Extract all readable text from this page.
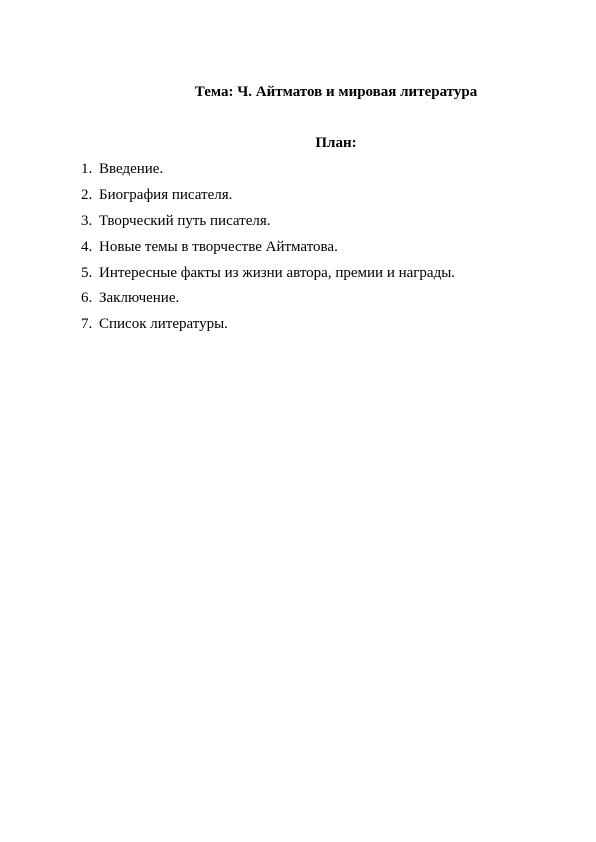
Тема: Ч. Айтматов и мировая литература
План:
1. Введение.
2. Биография писателя.
3. Творческий путь писателя.
4. Новые темы в творчестве Айтматова.
5. Интересные факты из жизни автора, премии и награды.
6. Заключение.
7. Список литературы.
